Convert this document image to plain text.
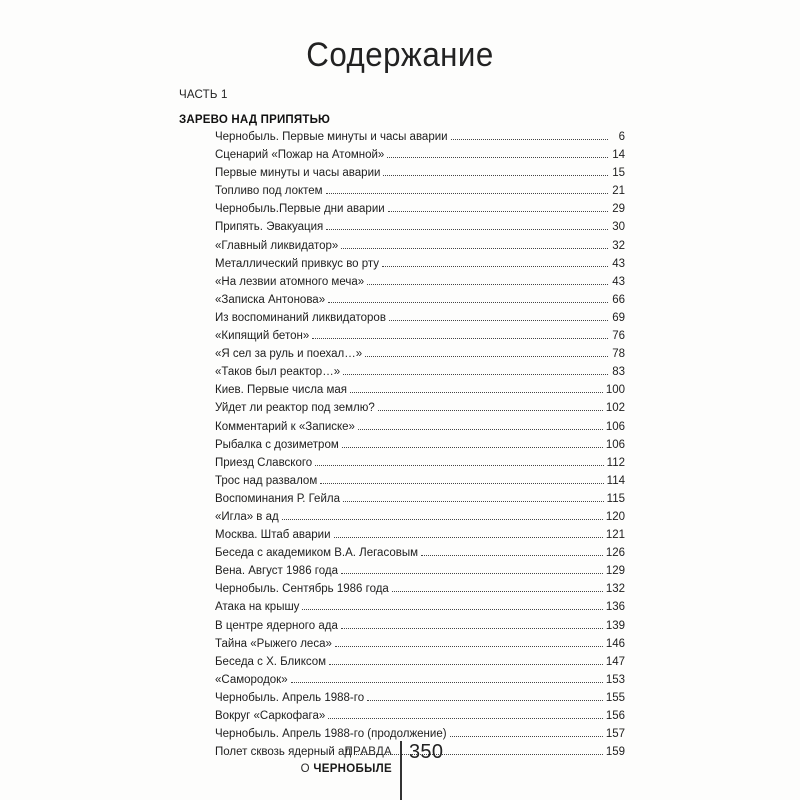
Содержание
ЧАСТЬ 1
ЗАРЕВО НАД ПРИПЯТЬЮ
Чернобыль. Первые минуты и часы аварии	6
Сценарий «Пожар на Атомной»	14
Первые минуты и часы аварии	15
Топливо под локтем	21
Чернобыль.Первые дни аварии	29
Припять. Эвакуация	30
«Главный ликвидатор»	32
Металлический привкус во рту	43
«На лезвии атомного меча»	43
«Записка Антонова»	66
Из воспоминаний ликвидаторов	69
«Кипящий бетон»	76
«Я сел за руль и поехал…»	78
«Таков был реактор…»	83
Киев. Первые числа мая	100
Уйдет ли реактор под землю?	102
Комментарий к «Записке»	106
Рыбалка с дозиметром	106
Приезд Славского	112
Трос над развалом	114
Воспоминания Р. Гейла	115
«Игла» в ад	120
Москва. Штаб аварии	121
Беседа с академиком В.А. Легасовым	126
Вена. Август 1986 года	129
Чернобыль. Сентябрь 1986 года	132
Атака на крышу	136
В центре ядерного ада	139
Тайна «Рыжего леса»	146
Беседа с Х. Бликсом	147
«Самородок»	153
Чернобыль. Апрель 1988-го	155
Вокруг «Саркофага»	156
Чернобыль. Апрель 1988-го (продолжение)	157
Полет сквозь ядерный ад	159
ПРАВДА
О ЧЕРНОБЫЛЕ
350
